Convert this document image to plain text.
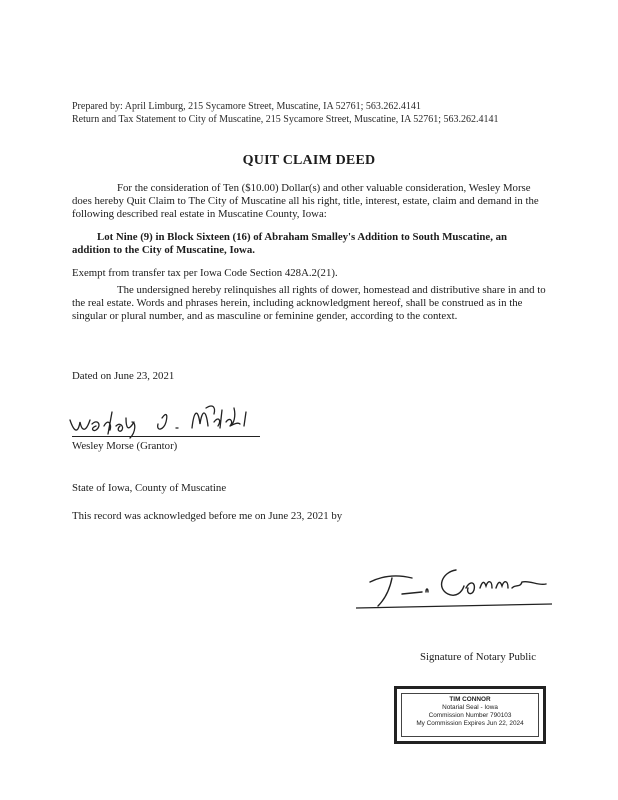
Prepared by: April Limburg, 215 Sycamore Street, Muscatine, IA 52761; 563.262.4141
Return and Tax Statement to City of Muscatine, 215 Sycamore Street, Muscatine, IA 52761; 563.262.4141
QUIT CLAIM DEED
For the consideration of Ten ($10.00) Dollar(s) and other valuable consideration, Wesley Morse does hereby Quit Claim to The City of Muscatine all his right, title, interest, estate, claim and demand in the following described real estate in Muscatine County, Iowa:
Lot Nine (9) in Block Sixteen (16) of Abraham Smalley's Addition to South Muscatine, an addition to the City of Muscatine, Iowa.
Exempt from transfer tax per Iowa Code Section 428A.2(21).
The undersigned hereby relinquishes all rights of dower, homestead and distributive share in and to the real estate. Words and phrases herein, including acknowledgment hereof, shall be construed as in the singular or plural number, and as masculine or feminine gender, according to the context.
Dated on June 23, 2021
Wesley Morse (Grantor)
State of Iowa, County of Muscatine
This record was acknowledged before me on June 23, 2021 by
Signature of Notary Public
TIM CONNOR
Notarial Seal - Iowa
Commission Number 790103
My Commission Expires Jun 22, 2024
